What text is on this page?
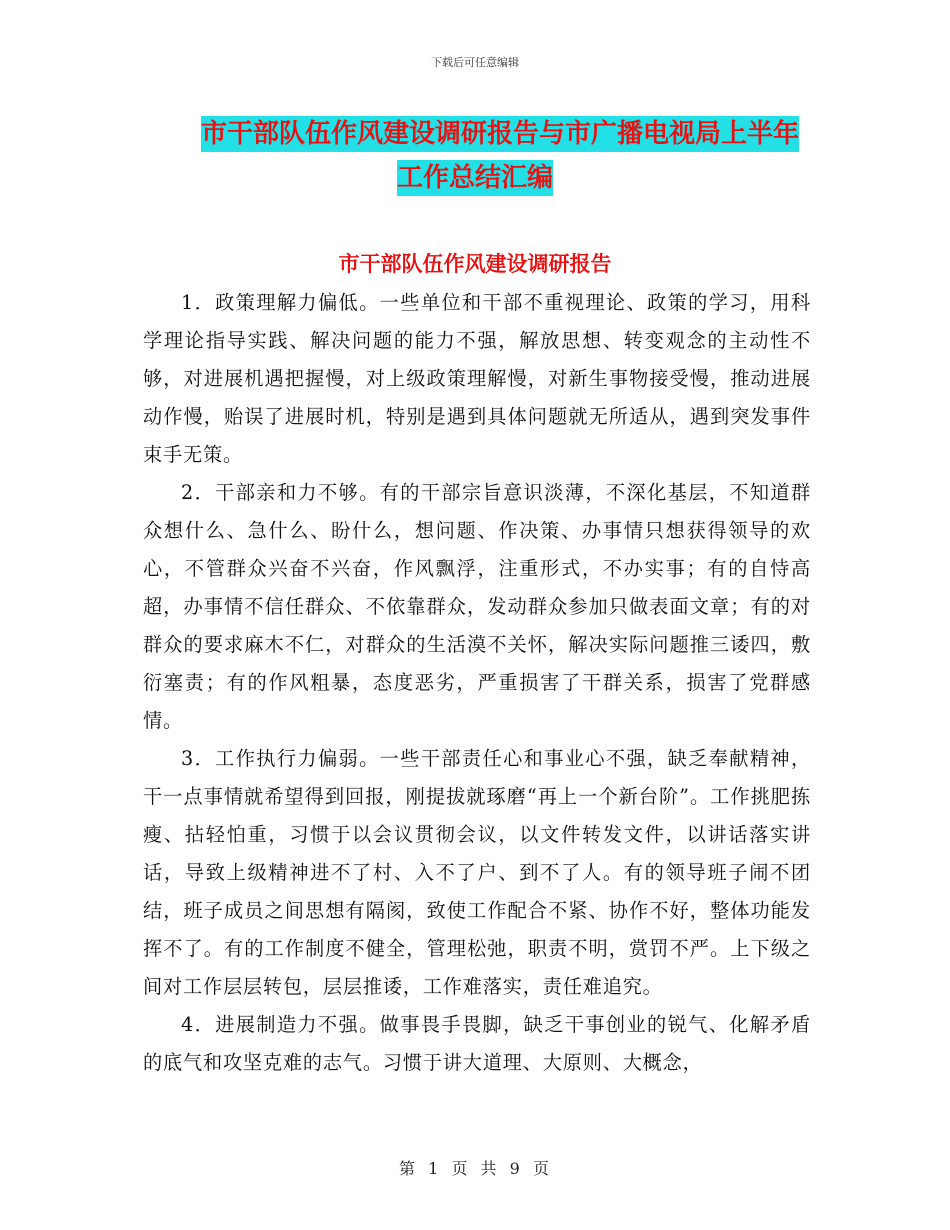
下载后可任意编辑
市干部队伍作风建设调研报告与市广播电视局上半年
工作总结汇编
市干部队伍作风建设调研报告

1．政策理解力偏低。一些单位和干部不重视理论、政策的学习，用科学理论指导实践、解决问题的能力不强，解放思想、转变观念的主动性不够，对进展机遇把握慢，对上级政策理解慢，对新生事物接受慢，推动进展动作慢，贻误了进展时机，特别是遇到具体问题就无所适从，遇到突发事件束手无策。

2．干部亲和力不够。有的干部宗旨意识淡薄，不深化基层，不知道群众想什么、急什么、盼什么，想问题、作决策、办事情只想获得领导的欢心，不管群众兴奋不兴奋，作风飘浮，注重形式，不办实事；有的自恃高超，办事情不信任群众、不依靠群众，发动群众参加只做表面文章；有的对群众的要求麻木不仁，对群众的生活漠不关怀，解决实际问题推三诿四，敷衍塞责；有的作风粗暴，态度恶劣，严重损害了干群关系，损害了党群感情。

3．工作执行力偏弱。一些干部责任心和事业心不强，缺乏奉献精神，干一点事情就希望得到回报，刚提拔就琢磨“再上一个新台阶”。工作挑肥拣瘦、拈轻怕重，习惯于以会议贯彻会议，以文件转发文件，以讲话落实讲话，导致上级精神进不了村、入不了户、到不了人。有的领导班子闹不团结，班子成员之间思想有隔阂，致使工作配合不紧、协作不好，整体功能发挥不了。有的工作制度不健全，管理松弛，职责不明，赏罚不严。上下级之间对工作层层转包，层层推诿，工作难落实，责任难追究。

4．进展制造力不强。做事畏手畏脚，缺乏干事创业的锐气、化解矛盾的底气和攻坚克难的志气。习惯于讲大道理、大原则、大概念，

第 1 页 共 9 页
